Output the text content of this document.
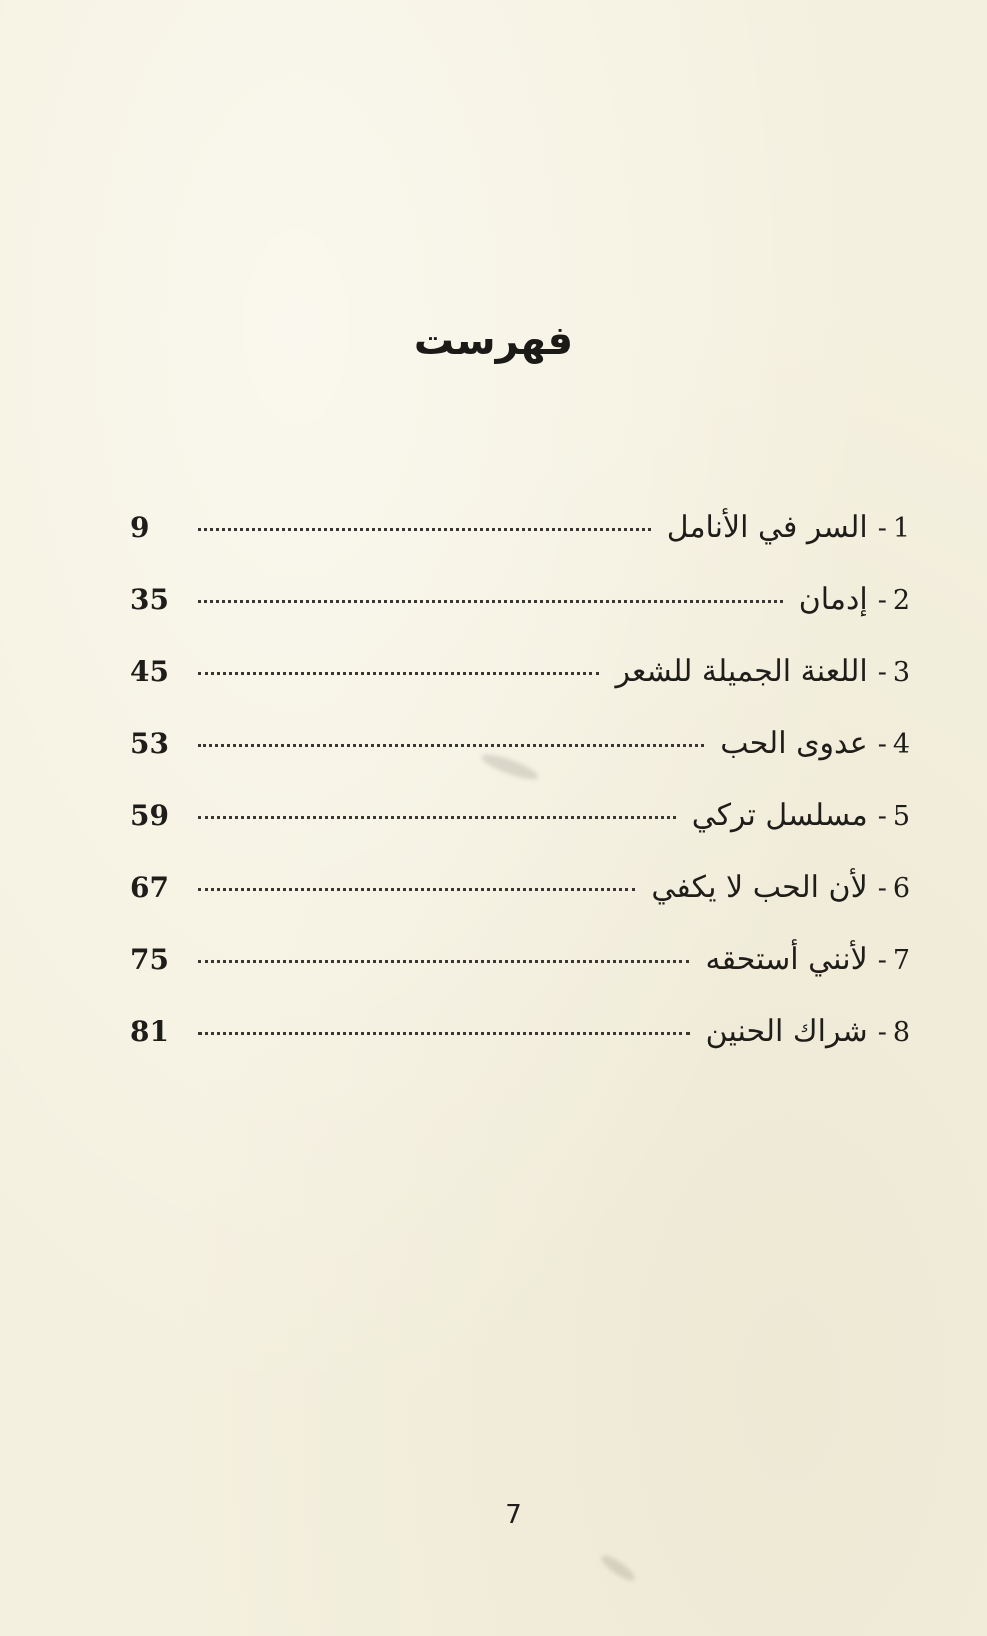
فهرست
1
-
السر في الأنامل
9
2
-
إدمان
35
3
-
اللعنة الجميلة للشعر
45
4
-
عدوى الحب
53
5
-
مسلسل تركي
59
6
-
لأن الحب لا يكفي
67
7
-
لأنني أستحقه
75
8
-
شراك الحنين
81
7
